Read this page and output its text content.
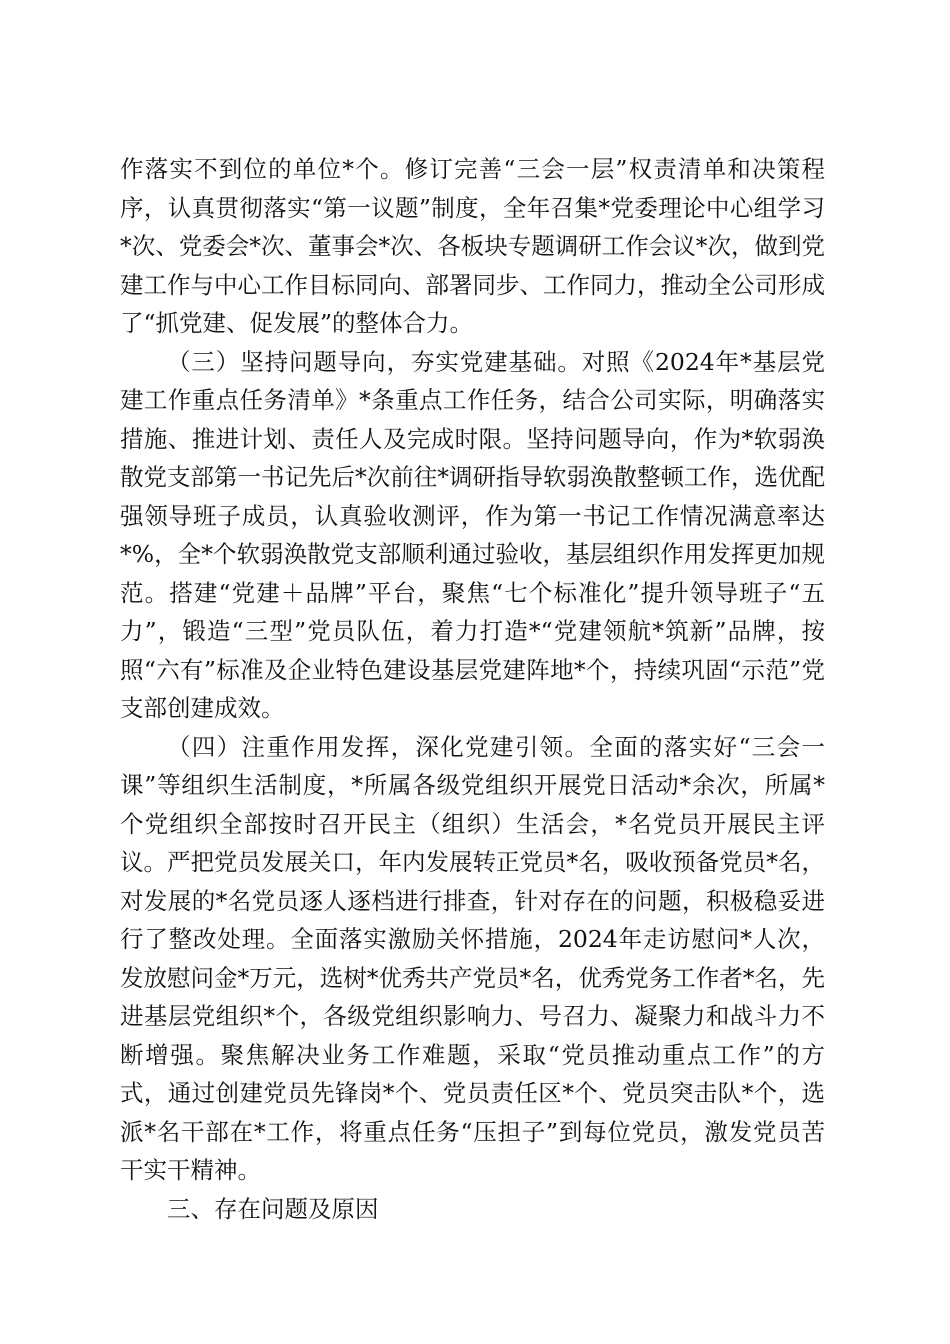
作落实不到位的单位*个。修订完善“三会一层”权责清单和决策程序，认真贯彻落实“第一议题”制度，全年召集*党委理论中心组学习*次、党委会*次、董事会*次、各板块专题调研工作会议*次，做到党建工作与中心工作目标同向、部署同步、工作同力，推动全公司形成了“抓党建、促发展”的整体合力。

（三）坚持问题导向，夯实党建基础。对照《2024年*基层党建工作重点任务清单》*条重点工作任务，结合公司实际，明确落实措施、推进计划、责任人及完成时限。坚持问题导向，作为*软弱涣散党支部第一书记先后*次前往*调研指导软弱涣散整顿工作，选优配强领导班子成员，认真验收测评，作为第一书记工作情况满意率达*%，全*个软弱涣散党支部顺利通过验收，基层组织作用发挥更加规范。搭建“党建＋品牌”平台，聚焦“七个标准化”提升领导班子“五力”，锻造“三型”党员队伍，着力打造*“党建领航*筑新”品牌，按照“六有”标准及企业特色建设基层党建阵地*个，持续巩固“示范”党支部创建成效。

（四）注重作用发挥，深化党建引领。全面的落实好“三会一课”等组织生活制度，*所属各级党组织开展党日活动*余次，所属*个党组织全部按时召开民主（组织）生活会，*名党员开展民主评议。严把党员发展关口，年内发展转正党员*名，吸收预备党员*名，对发展的*名党员逐人逐档进行排查，针对存在的问题，积极稳妥进行了整改处理。全面落实激励关怀措施，2024年走访慰问*人次，发放慰问金*万元，选树*优秀共产党员*名，优秀党务工作者*名，先进基层党组织*个，各级党组织影响力、号召力、凝聚力和战斗力不断增强。聚焦解决业务工作难题，采取“党员推动重点工作”的方式，通过创建党员先锋岗*个、党员责任区*个、党员突击队*个，选派*名干部在*工作，将重点任务“压担子”到每位党员，激发党员苦干实干精神。

三、存在问题及原因
